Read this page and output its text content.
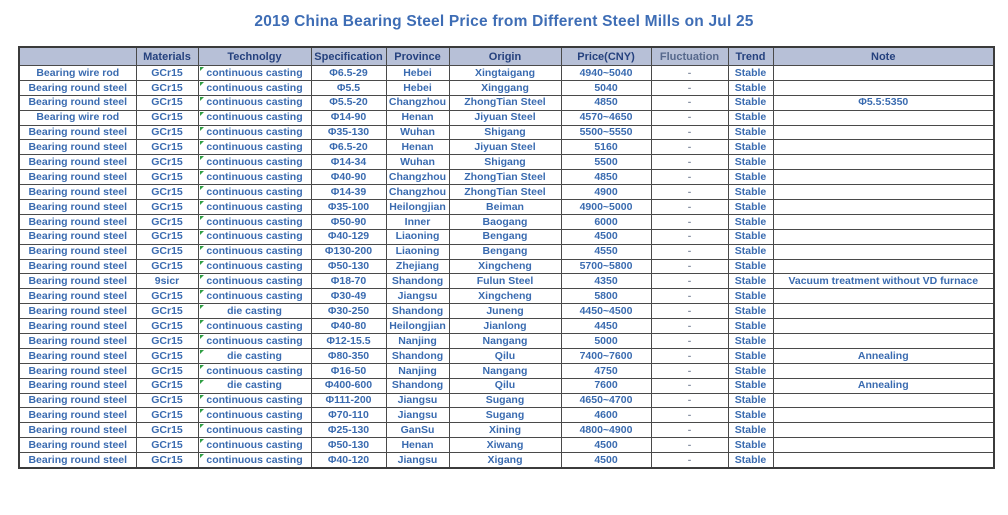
2019 China Bearing Steel Price from Different Steel Mills on Jul 25
	Materials	Technolgy	Specification	Province	Origin	Price(CNY)	Fluctuation	Trend	Note
Bearing wire rod	GCr15	continuous casting	Φ6.5-29	Hebei	Xingtaigang	4940~5040	-	Stable	
Bearing round steel	GCr15	continuous casting	Φ5.5	Hebei	Xinggang	5040	-	Stable	
Bearing round steel	GCr15	continuous casting	Φ5.5-20	Changzhou	ZhongTian Steel	4850	-	Stable	Φ5.5:5350
Bearing wire rod	GCr15	continuous casting	Φ14-90	Henan	Jiyuan Steel	4570~4650	-	Stable	
Bearing round steel	GCr15	continuous casting	Φ35-130	Wuhan	Shigang	5500~5550	-	Stable	
Bearing round steel	GCr15	continuous casting	Φ6.5-20	Henan	Jiyuan Steel	5160	-	Stable	
Bearing round steel	GCr15	continuous casting	Φ14-34	Wuhan	Shigang	5500	-	Stable	
Bearing round steel	GCr15	continuous casting	Φ40-90	Changzhou	ZhongTian Steel	4850	-	Stable	
Bearing round steel	GCr15	continuous casting	Φ14-39	Changzhou	ZhongTian Steel	4900	-	Stable	
Bearing round steel	GCr15	continuous casting	Φ35-100	Heilongjian	Beiman	4900~5000	-	Stable	
Bearing round steel	GCr15	continuous casting	Φ50-90	Inner	Baogang	6000	-	Stable	
Bearing round steel	GCr15	continuous casting	Φ40-129	Liaoning	Bengang	4500	-	Stable	
Bearing round steel	GCr15	continuous casting	Φ130-200	Liaoning	Bengang	4550	-	Stable	
Bearing round steel	GCr15	continuous casting	Φ50-130	Zhejiang	Xingcheng	5700~5800	-	Stable	
Bearing round steel	9sicr	continuous casting	Φ18-70	Shandong	Fulun Steel	4350	-	Stable	Vacuum treatment without VD furnace
Bearing round steel	GCr15	continuous casting	Φ30-49	Jiangsu	Xingcheng	5800	-	Stable	
Bearing round steel	GCr15	die casting	Φ30-250	Shandong	Juneng	4450~4500	-	Stable	
Bearing round steel	GCr15	continuous casting	Φ40-80	Heilongjian	Jianlong	4450	-	Stable	
Bearing round steel	GCr15	continuous casting	Φ12-15.5	Nanjing	Nangang	5000	-	Stable	
Bearing round steel	GCr15	die casting	Φ80-350	Shandong	Qilu	7400~7600	-	Stable	Annealing
Bearing round steel	GCr15	continuous casting	Φ16-50	Nanjing	Nangang	4750	-	Stable	
Bearing round steel	GCr15	die casting	Φ400-600	Shandong	Qilu	7600	-	Stable	Annealing
Bearing round steel	GCr15	continuous casting	Φ111-200	Jiangsu	Sugang	4650~4700	-	Stable	
Bearing round steel	GCr15	continuous casting	Φ70-110	Jiangsu	Sugang	4600	-	Stable	
Bearing round steel	GCr15	continuous casting	Φ25-130	GanSu	Xining	4800~4900	-	Stable	
Bearing round steel	GCr15	continuous casting	Φ50-130	Henan	Xiwang	4500	-	Stable	
Bearing round steel	GCr15	continuous casting	Φ40-120	Jiangsu	Xigang	4500	-	Stable	
